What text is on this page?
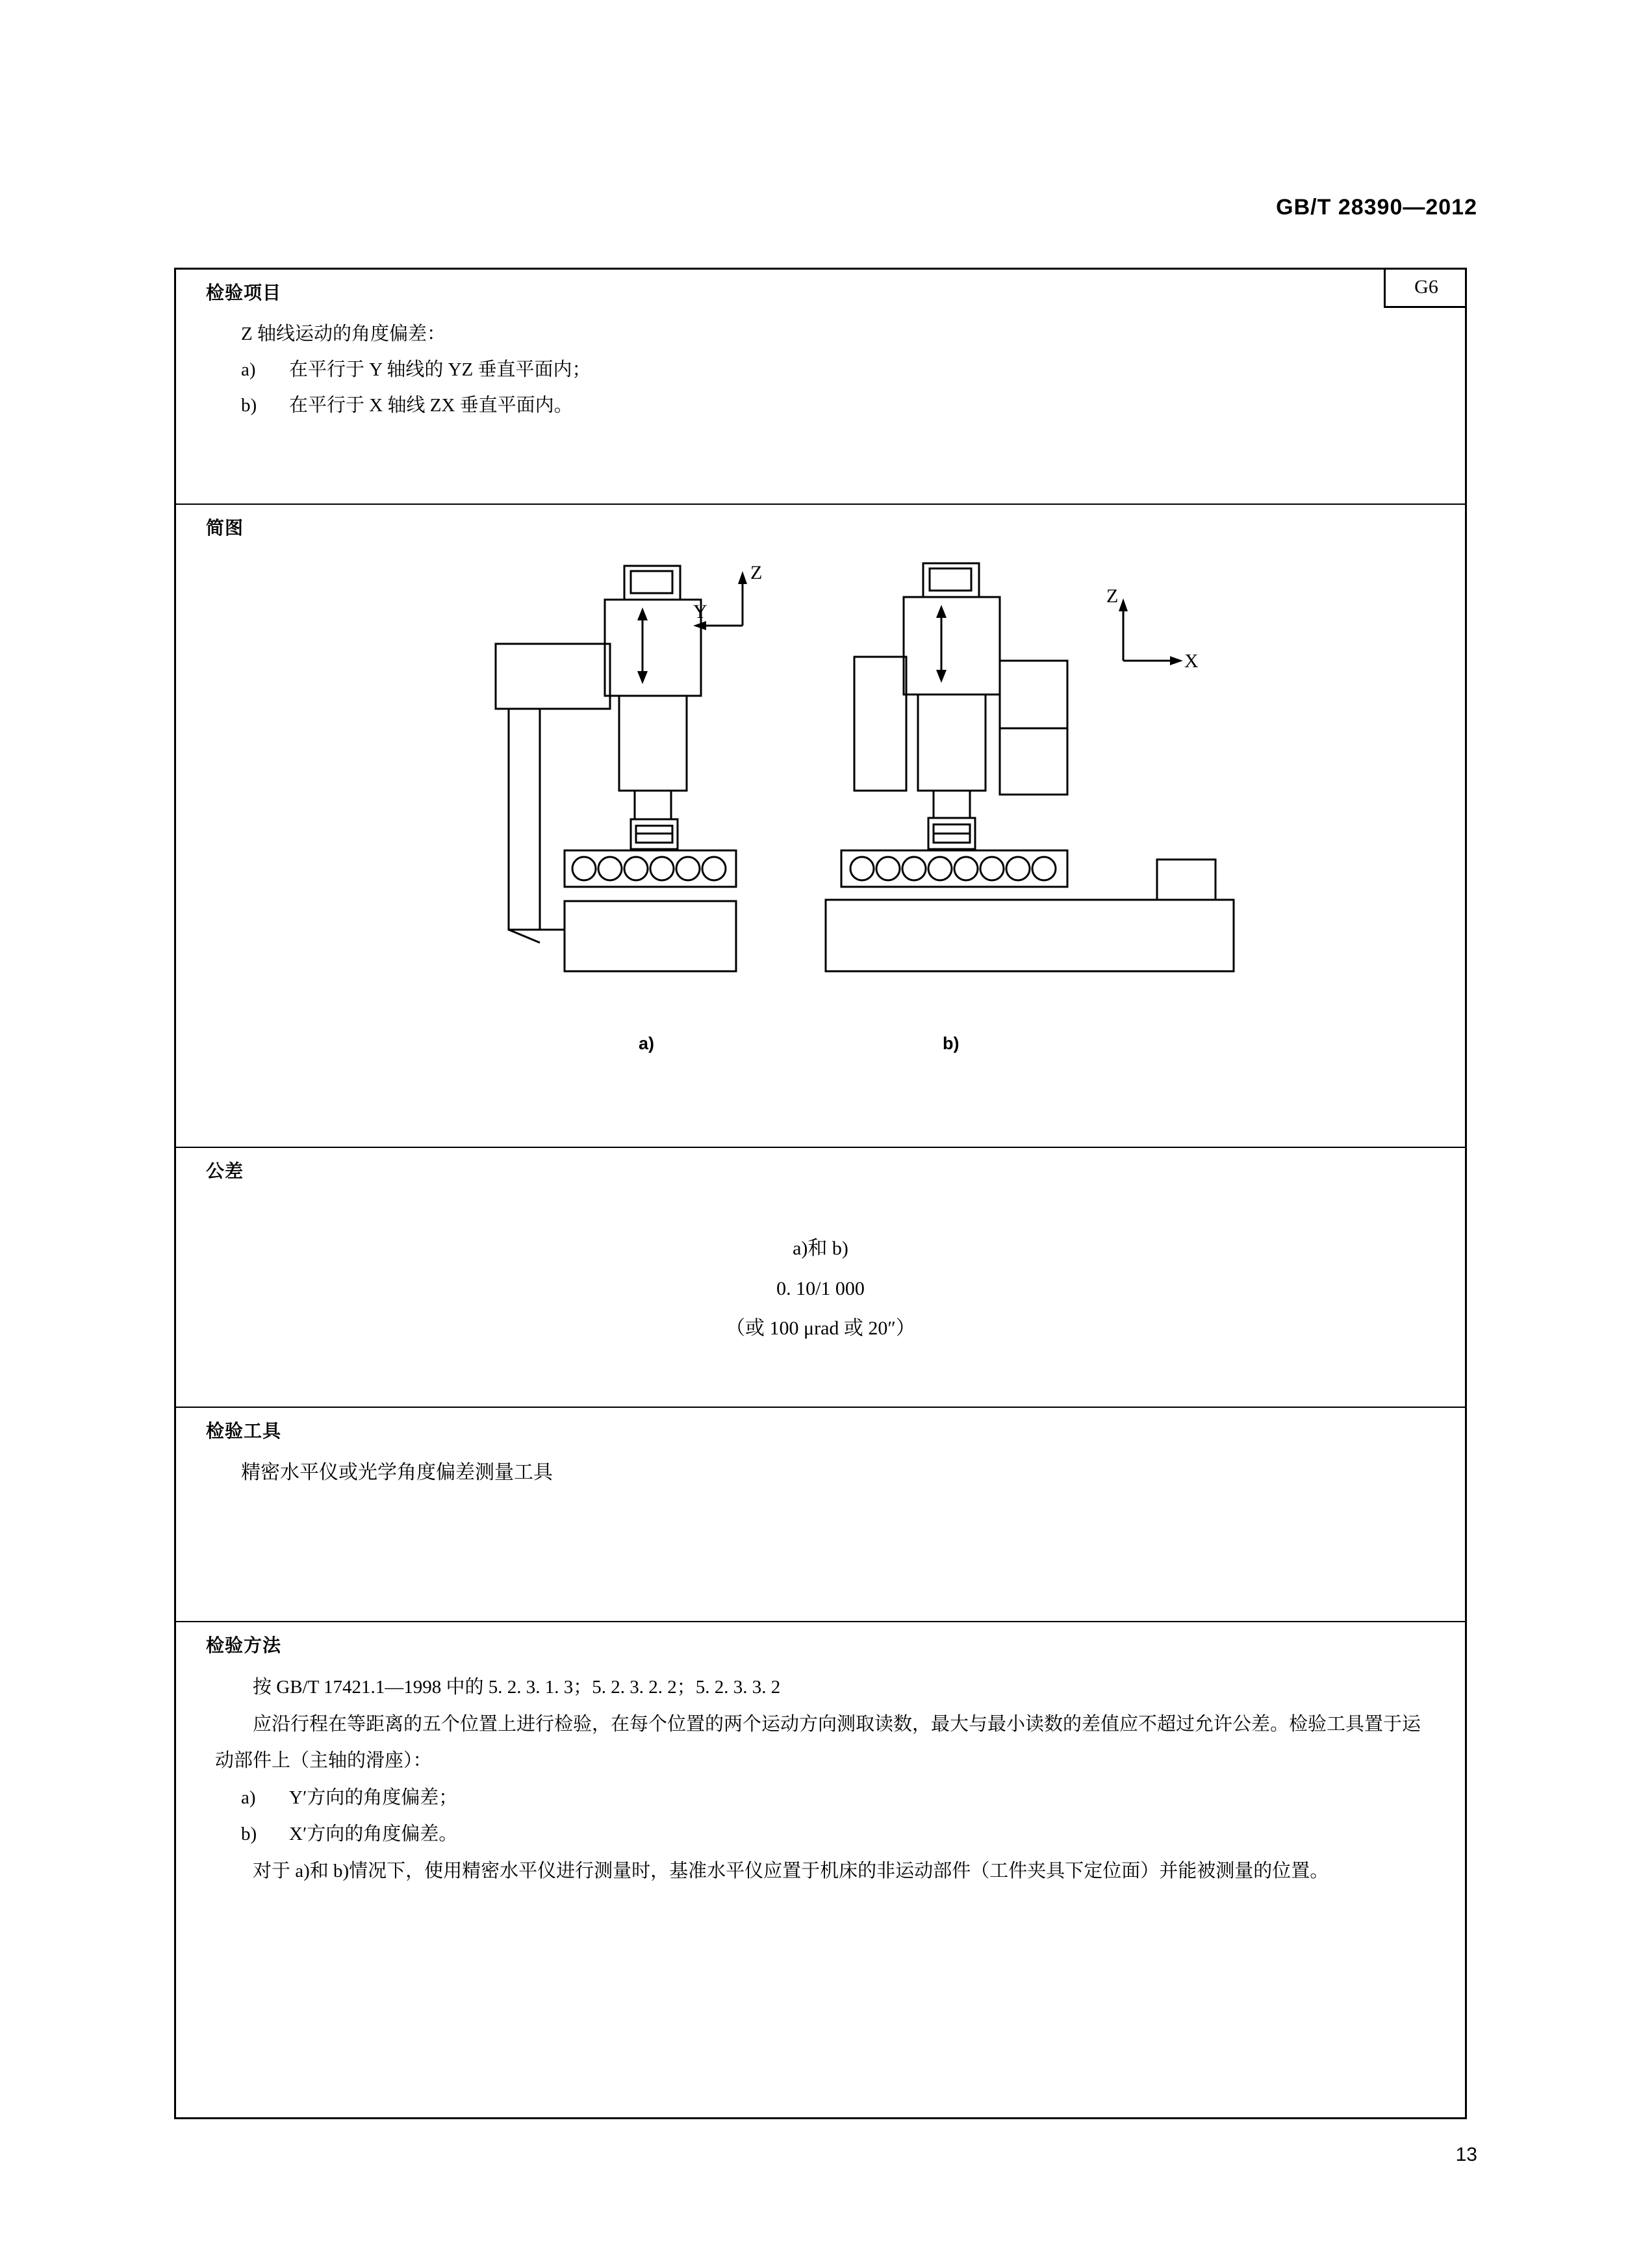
GB/T 28390—2012
G6
检验项目
Z 轴线运动的角度偏差：
a)	在平行于 Y 轴线的 YZ 垂直平面内；
b)	在平行于 X 轴线 ZX 垂直平面内。
简图
Z
Y
Z
X
a)	b)
公差
a)和 b)
0. 10/1 000
（或 100 μrad 或 20″）
检验工具
精密水平仪或光学角度偏差测量工具
检验方法

按 GB/T 17421.1—1998 中的 5. 2. 3. 1. 3；5. 2. 3. 2. 2；5. 2. 3. 3. 2

应沿行程在等距离的五个位置上进行检验，在每个位置的两个运动方向测取读数，最大与最小读数的差值应不超过允许公差。检验工具置于运动部件上（主轴的滑座）：

a)	Y′方向的角度偏差；
b)	X′方向的角度偏差。

对于 a)和 b)情况下，使用精密水平仪进行测量时，基准水平仪应置于机床的非运动部件（工件夹具下定位面）并能被测量的位置。

13
